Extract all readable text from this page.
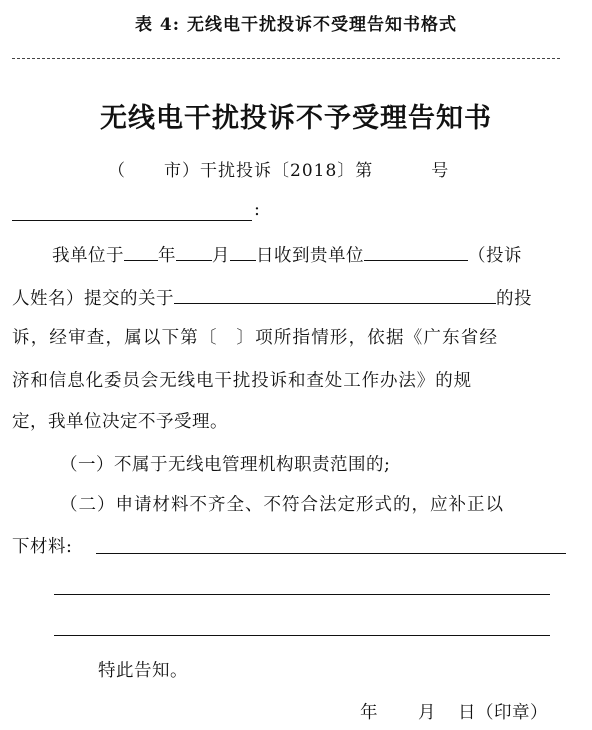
表 4: 无线电干扰投诉不受理告知书格式
无线电干扰投诉不予受理告知书
（ 市）干扰投诉〔2018〕第	号
:
我单位于 年 月 日收到贵单位	（投诉
人姓名）提交的关于	的投
诉，经审查，属以下第〔　〕项所指情形，依据《广东省经
济和信息化委员会无线电干扰投诉和查处工作办法》的规
定，我单位决定不予受理。
（一）不属于无线电管理机构职责范围的;
（二）申请材料不齐全、不符合法定形式的，应补正以
下材料:
特此告知。
年 月 日（印章）
